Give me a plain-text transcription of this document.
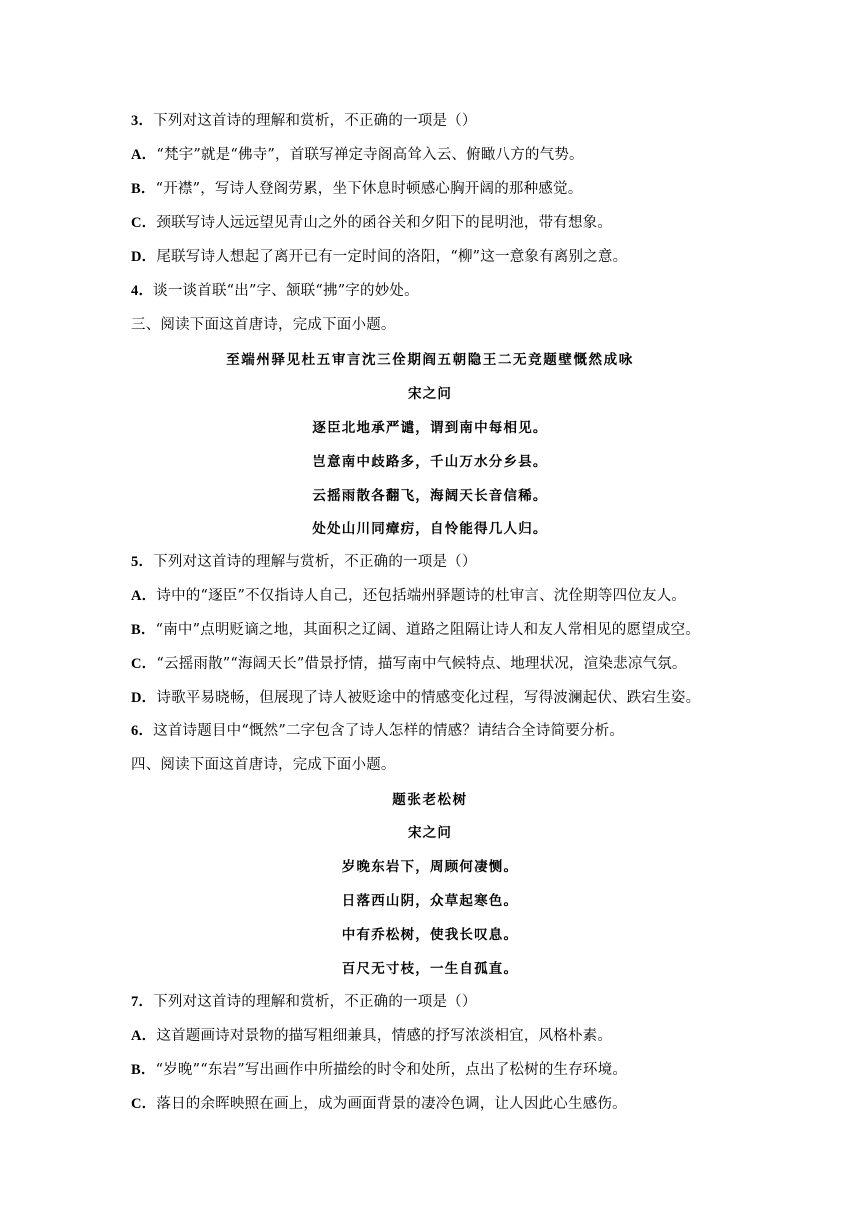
3．下列对这首诗的理解和赏析，不正确的一项是（）
A．“梵宇”就是“佛寺”，首联写禅定寺阁高耸入云、俯瞰八方的气势。
B．“开襟”，写诗人登阁劳累，坐下休息时顿感心胸开阔的那种感觉。
C．颈联写诗人远远望见青山之外的函谷关和夕阳下的昆明池，带有想象。
D．尾联写诗人想起了离开已有一定时间的洛阳，“柳”这一意象有离别之意。
4．谈一谈首联“出”字、颔联“拂”字的妙处。
三、阅读下面这首唐诗，完成下面小题。
至端州驿见杜五审言沈三佺期阎五朝隐王二无竞题壁慨然成咏
宋之问
逐臣北地承严谴，谓到南中每相见。
岂意南中歧路多，千山万水分乡县。
云摇雨散各翻飞，海阔天长音信稀。
处处山川同瘴疠，自怜能得几人归。
5．下列对这首诗的理解与赏析，不正确的一项是（）
A．诗中的“逐臣”不仅指诗人自己，还包括端州驿题诗的杜审言、沈佺期等四位友人。
B．“南中”点明贬谪之地，其面积之辽阔、道路之阻隔让诗人和友人常相见的愿望成空。
C．“云摇雨散”“海阔天长”借景抒情，描写南中气候特点、地理状况，渲染悲凉气氛。
D．诗歌平易晓畅，但展现了诗人被贬途中的情感变化过程，写得波澜起伏、跌宕生姿。
6．这首诗题目中“慨然”二字包含了诗人怎样的情感？请结合全诗简要分析。
四、阅读下面这首唐诗，完成下面小题。
题张老松树
宋之问
岁晚东岩下，周顾何凄恻。
日落西山阴，众草起寒色。
中有乔松树，使我长叹息。
百尺无寸枝，一生自孤直。
7．下列对这首诗的理解和赏析，不正确的一项是（）
A．这首题画诗对景物的描写粗细兼具，情感的抒写浓淡相宜，风格朴素。
B．“岁晚”“东岩”写出画作中所描绘的时令和处所，点出了松树的生存环境。
C．落日的余晖映照在画上，成为画面背景的凄冷色调，让人因此心生感伤。
